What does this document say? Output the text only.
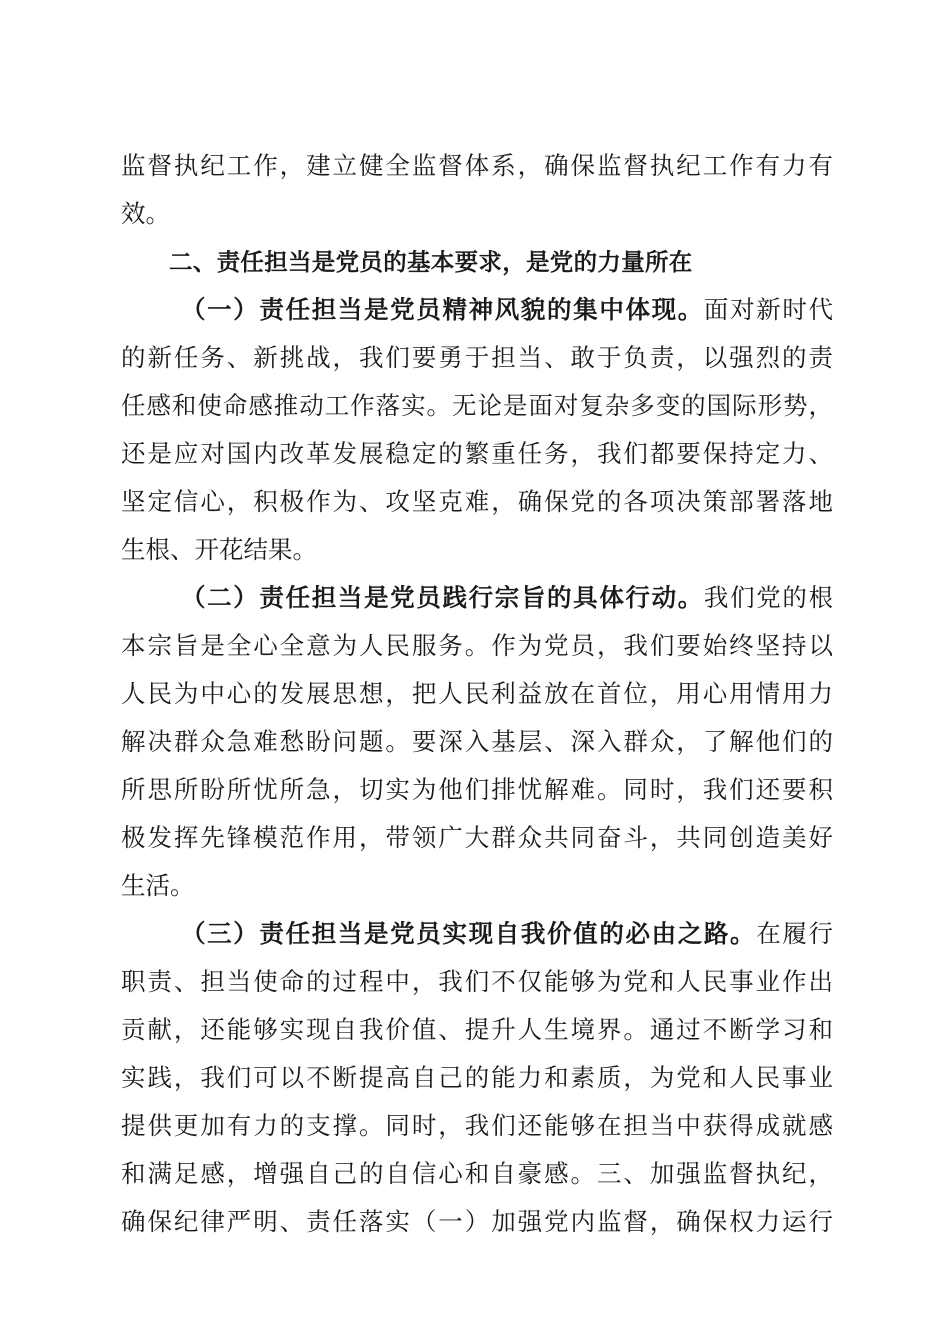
监督执纪工作，建立健全监督体系，确保监督执纪工作有力有
效。
二、责任担当是党员的基本要求，是党的力量所在
（一）责任担当是党员精神风貌的集中体现。面对新时代
的新任务、新挑战，我们要勇于担当、敢于负责，以强烈的责
任感和使命感推动工作落实。无论是面对复杂多变的国际形势，
还是应对国内改革发展稳定的繁重任务，我们都要保持定力、
坚定信心，积极作为、攻坚克难，确保党的各项决策部署落地
生根、开花结果。
（二）责任担当是党员践行宗旨的具体行动。我们党的根
本宗旨是全心全意为人民服务。作为党员，我们要始终坚持以
人民为中心的发展思想，把人民利益放在首位，用心用情用力
解决群众急难愁盼问题。要深入基层、深入群众，了解他们的
所思所盼所忧所急，切实为他们排忧解难。同时，我们还要积
极发挥先锋模范作用，带领广大群众共同奋斗，共同创造美好
生活。
（三）责任担当是党员实现自我价值的必由之路。在履行
职责、担当使命的过程中，我们不仅能够为党和人民事业作出
贡献，还能够实现自我价值、提升人生境界。通过不断学习和
实践，我们可以不断提高自己的能力和素质，为党和人民事业
提供更加有力的支撑。同时，我们还能够在担当中获得成就感
和满足感，增强自己的自信心和自豪感。三、加强监督执纪，
确保纪律严明、责任落实（一）加强党内监督，确保权力运行
